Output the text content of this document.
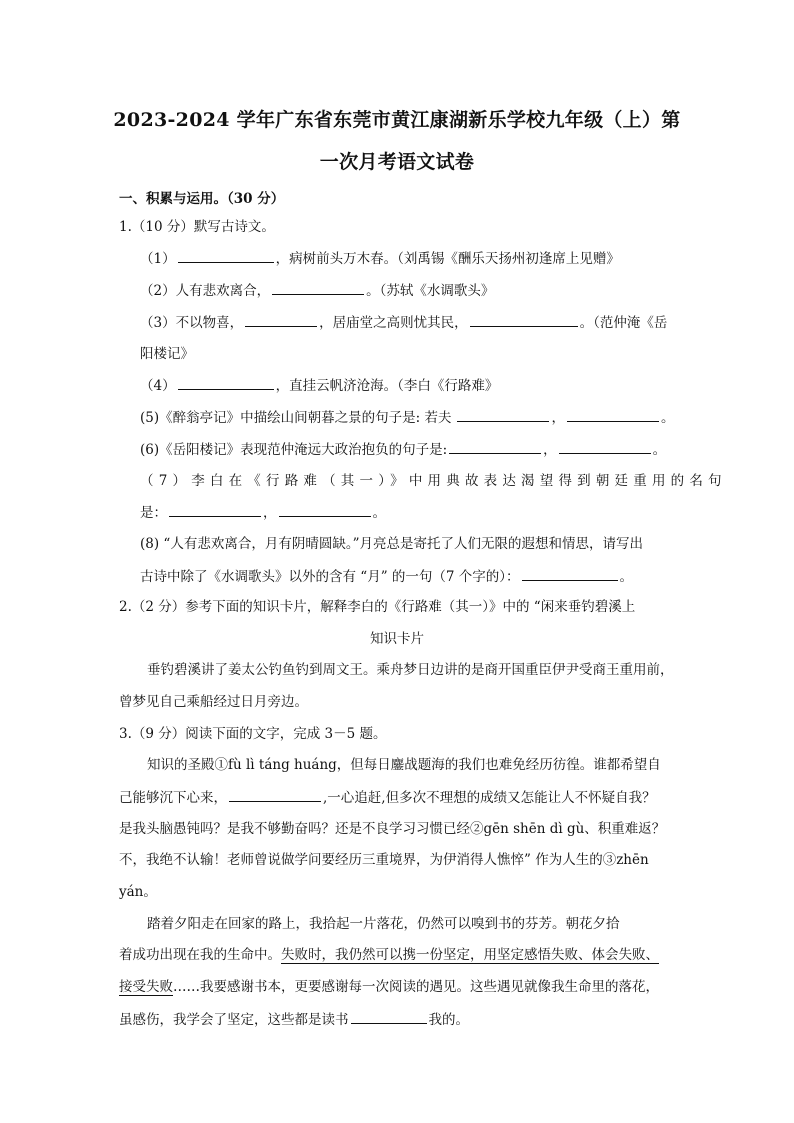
2023-2024 学年广东省东莞市黄江康湖新乐学校九年级（上）第
一次月考语文试卷
一、积累与运用。（30 分）
1.（10 分）默写古诗文。
（1）	，病树前头万木春。（刘禹锡《酬乐天扬州初逢席上见赠》
（2）人有悲欢离合，	。（苏轼《水调歌头》
（3）不以物喜，	，居庙堂之高则忧其民，	。（范仲淹《岳
阳楼记》
（4）	，直挂云帆济沧海。（李白《行路难》
(5)《醉翁亭记》中描绘山间朝暮之景的句子是: 若夫	，	。
(6)《岳阳楼记》表现范仲淹远大政治抱负的句子是:	，	。
（7）李白在《行路难（其一）》中用典故表达渴望得到朝廷重用的名句
是：	，	。
(8) “人有悲欢离合，月有阴晴圆缺。”月亮总是寄托了人们无限的遐想和情思，请写出
古诗中除了《水调歌头》以外的含有 “月” 的一句（7 个字的）：	。
2.（2 分）参考下面的知识卡片，解释李白的《行路难（其一）》中的 “闲来垂钓碧溪上
知识卡片
垂钓碧溪讲了姜太公钓鱼钓到周文王。乘舟梦日边讲的是商开国重臣伊尹受商王重用前，
曾梦见自己乘船经过日月旁边。
3.（9 分）阅读下面的文字，完成 3－5 题。
知识的圣殿①fù lì táng huáng，但每日鏖战题海的我们也难免经历彷徨。谁都希望自
己能够沉下心来，	,一心追赶,但多次不理想的成绩又怎能让人不怀疑自我？
是我头脑愚钝吗？是我不够勤奋吗？还是不良学习习惯已经②gēn shēn dì gù、积重难返？
不，我绝不认输！老师曾说做学问要经历三重境界，为伊消得人憔悴” 作为人生的③zhēn
yán。
踏着夕阳走在回家的路上，我拾起一片落花，仍然可以嗅到书的芬芳。朝花夕拾
着成功出现在我的生命中。失败时，我仍然可以携一份坚定，用坚定感悟失败、体会失败、
接受失败……我要感谢书本，更要感谢每一次阅读的遇见。这些遇见就像我生命里的落花，
虽感伤，我学会了坚定，这些都是读书	我的。
